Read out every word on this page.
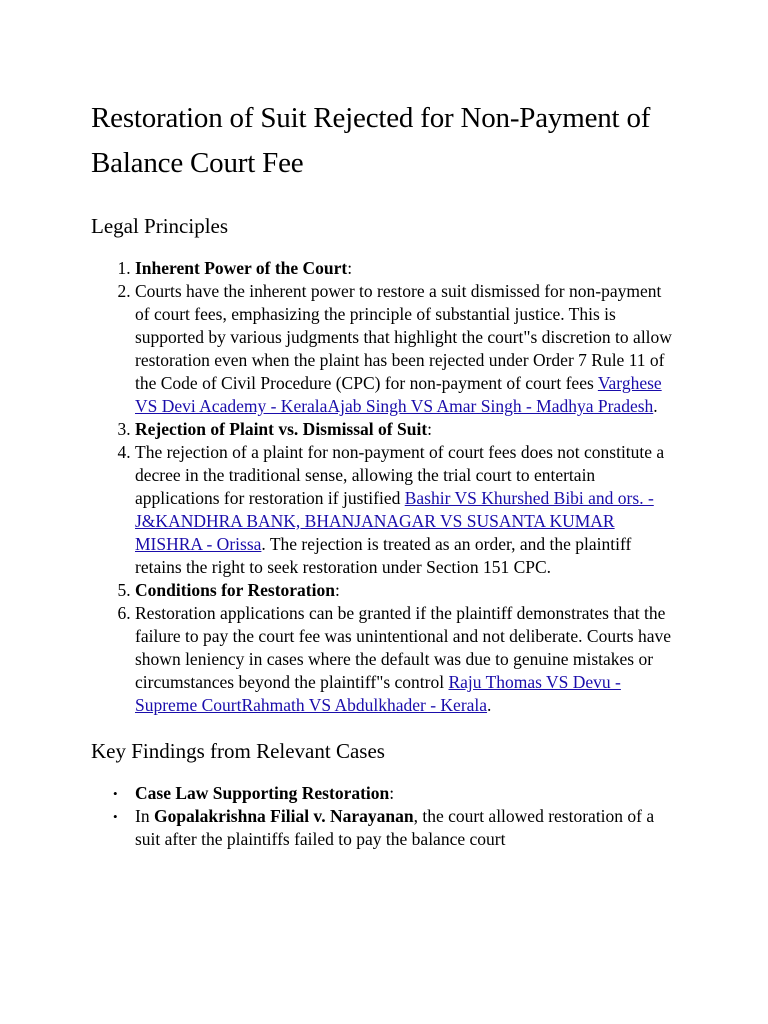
Restoration of Suit Rejected for Non-Payment of Balance Court Fee
Legal Principles
1. Inherent Power of the Court:
2. Courts have the inherent power to restore a suit dismissed for non-payment of court fees, emphasizing the principle of substantial justice. This is supported by various judgments that highlight the court"s discretion to allow restoration even when the plaint has been rejected under Order 7 Rule 11 of the Code of Civil Procedure (CPC) for non-payment of court fees Varghese VS Devi Academy - KeralaAjab Singh VS Amar Singh - Madhya Pradesh.
3. Rejection of Plaint vs. Dismissal of Suit:
4. The rejection of a plaint for non-payment of court fees does not constitute a decree in the traditional sense, allowing the trial court to entertain applications for restoration if justified Bashir VS Khurshed Bibi and ors. - J&KANDHRA BANK, BHANJANAGAR VS SUSANTA KUMAR MISHRA - Orissa. The rejection is treated as an order, and the plaintiff retains the right to seek restoration under Section 151 CPC.
5. Conditions for Restoration:
6. Restoration applications can be granted if the plaintiff demonstrates that the failure to pay the court fee was unintentional and not deliberate. Courts have shown leniency in cases where the default was due to genuine mistakes or circumstances beyond the plaintiff"s control Raju Thomas VS Devu - Supreme CourtRahmath VS Abdulkhader - Kerala.
Key Findings from Relevant Cases
• Case Law Supporting Restoration:
• In Gopalakrishna Filial v. Narayanan, the court allowed restoration of a suit after the plaintiffs failed to pay the balance court
